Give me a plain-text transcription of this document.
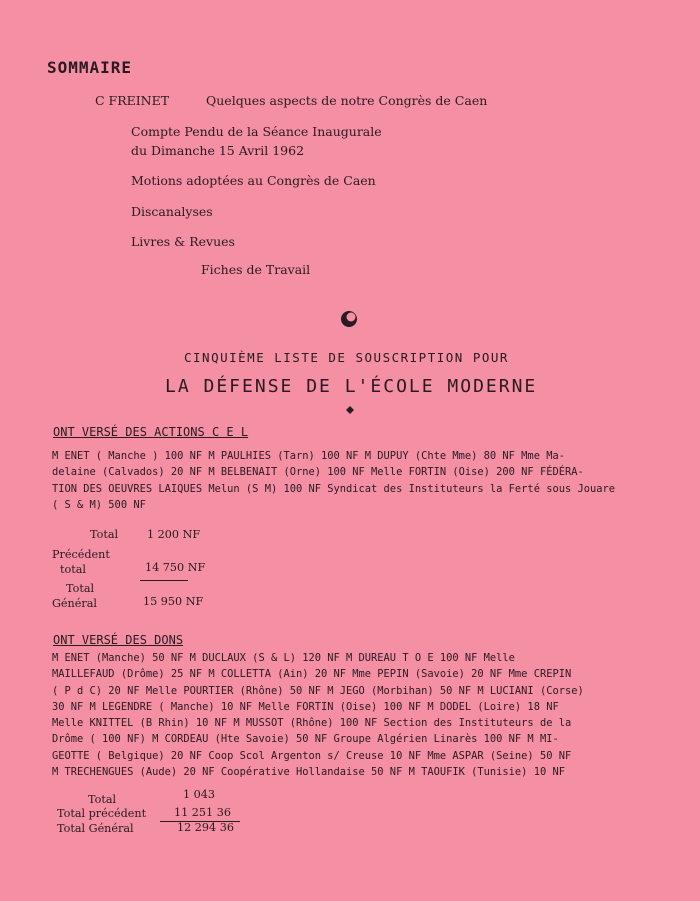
SOMMAIRE
C FREINET	Quelques aspects de notre Congrès de Caen
Compte Pendu de la Séance Inaugurale
du Dimanche 15 Avril 1962
Motions adoptées au Congrès de Caen
Discanalyses
Livres & Revues
Fiches de Travail
CINQUIÈME LISTE DE SOUSCRIPTION POUR
LA DÉFENSE DE L'ÉCOLE MODERNE
ONT VERSÉ DES ACTIONS C E L
M ENET ( Manche ) 100 NF M PAULHIES (Tarn) 100 NF M DUPUY (Chte Mme) 80 NF Mme Ma-
delaine (Calvados) 20 NF M BELBENAIT (Orne) 100 NF Melle FORTIN (Oise) 200 NF FÉDÉRA-
TION DES OEUVRES LAIQUES Melun (S M) 100 NF Syndicat des Instituteurs la Ferté sous Jouare
( S & M) 500 NF
Total	1 200 NF
Précédent
total	14 750 NF
Total
Général	15 950 NF
ONT VERSÉ DES DONS
M ENET (Manche) 50 NF M DUCLAUX (S & L) 120 NF M DUREAU T O E 100 NF Melle
MAILLEFAUD (Drôme) 25 NF M COLLETTA (Ain) 20 NF Mme PEPIN (Savoie) 20 NF Mme CREPIN
( P d C) 20 NF Melle POURTIER (Rhône) 50 NF M JEGO (Morbihan) 50 NF M LUCIANI (Corse)
30 NF M LEGENDRE ( Manche) 10 NF Melle FORTIN (Oise) 100 NF M DODEL (Loire) 18 NF
Melle KNITTEL (B Rhin) 10 NF M MUSSOT (Rhône) 100 NF Section des Instituteurs de la
Drôme ( 100 NF) M CORDEAU (Hte Savoie) 50 NF Groupe Algérien Linarès 100 NF M MI-
GEOTTE ( Belgique) 20 NF Coop Scol Argenton s/ Creuse 10 NF Mme ASPAR (Seine) 50 NF
M TRECHENGUES (Aude) 20 NF Coopérative Hollandaise 50 NF M TAOUFIK (Tunisie) 10 NF
Total	1 043
Total précédent 11 251 36
Total Général	12 294 36
